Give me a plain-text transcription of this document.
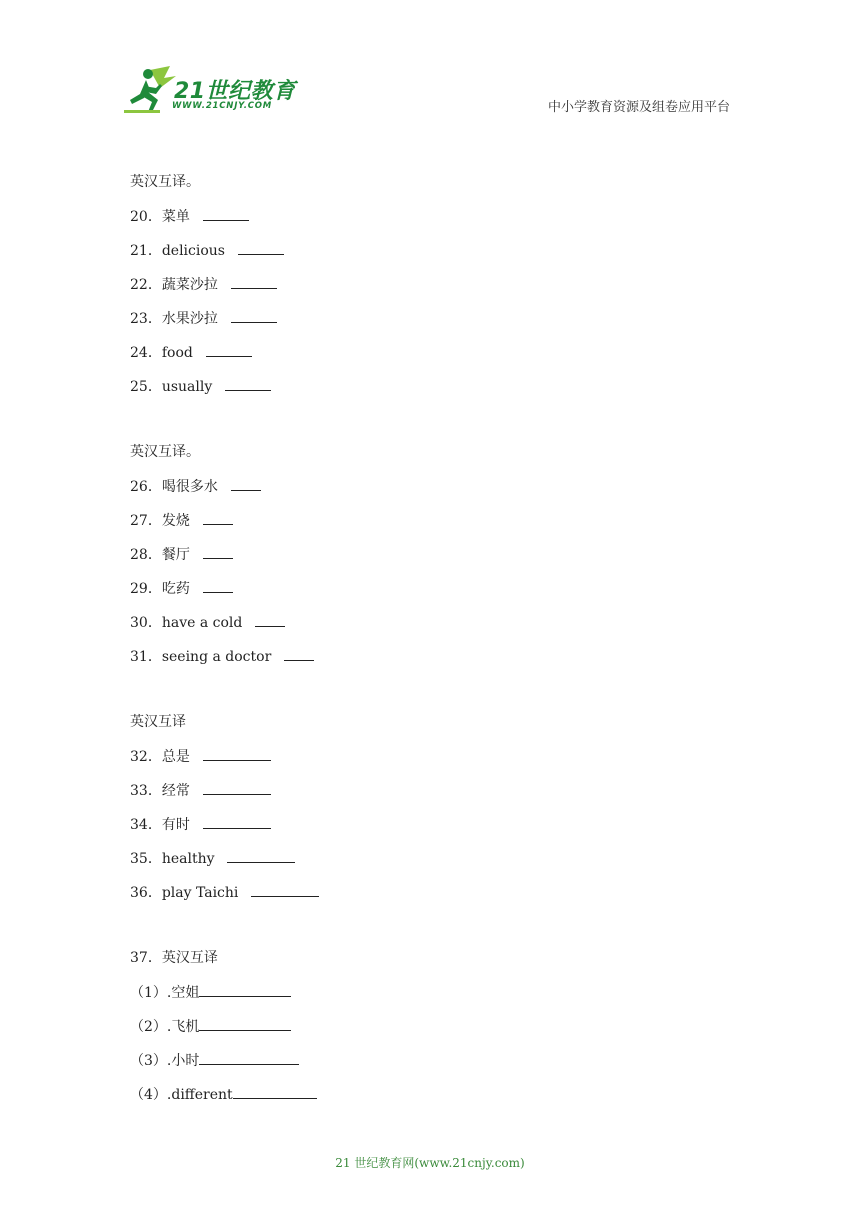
21世纪教育
WWW.21CNJY.COM	中小学教育资源及组卷应用平台
英汉互译。
20．菜单
21．delicious
22．蔬菜沙拉
23．水果沙拉
24．food
25．usually
英汉互译。
26．喝很多水
27．发烧
28．餐厅
29．吃药
30．have a cold
31．seeing a doctor
英汉互译
32．总是
33．经常
34．有时
35．healthy
36．play Taichi
37．英汉互译
（1）.空姐
（2）.飞机
（3）.小时
（4）.different
21 世纪教育网(www.21cnjy.com)
